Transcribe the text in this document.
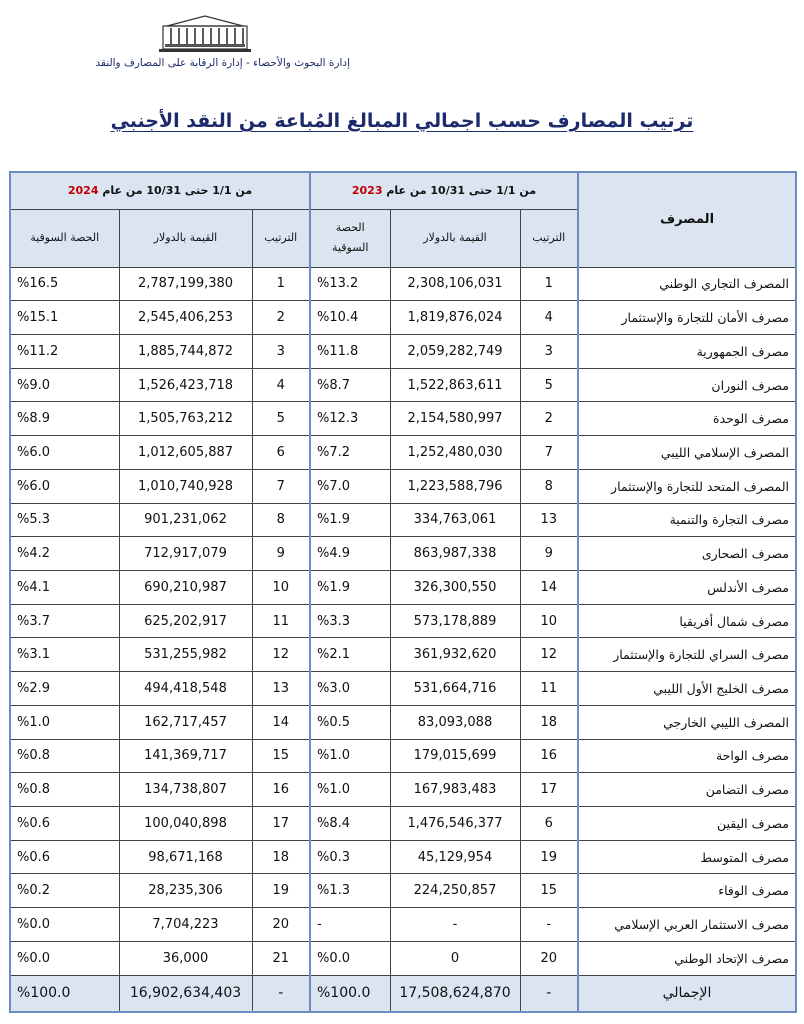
إدارة البحوث والأحصاء - إدارة الرقابة على المصارف والنقد
ترتيب المصارف حسب اجمالي المبالغ المُباعة من النقد الأجنبي
المصرف	من 1/1 حتى 10/31 من عام 2023			من 1/1 حتى 10/31 من عام 2024		
	الترتيب	القيمة بالدولار	الحصة السوقية	الترتيب	القيمة بالدولار	الحصة السوقية
المصرف التجاري الوطني	1	2,308,106,031	%13.2	1	2,787,199,380	%16.5
مصرف الأمان للتجارة والإستثمار	4	1,819,876,024	%10.4	2	2,545,406,253	%15.1
مصرف الجمهورية	3	2,059,282,749	%11.8	3	1,885,744,872	%11.2
مصرف النوران	5	1,522,863,611	%8.7	4	1,526,423,718	%9.0
مصرف الوحدة	2	2,154,580,997	%12.3	5	1,505,763,212	%8.9
المصرف الإسلامي الليبي	7	1,252,480,030	%7.2	6	1,012,605,887	%6.0
المصرف المتحد للتجارة والإستثمار	8	1,223,588,796	%7.0	7	1,010,740,928	%6.0
مصرف التجارة والتنمية	13	334,763,061	%1.9	8	901,231,062	%5.3
مصرف الصحارى	9	863,987,338	%4.9	9	712,917,079	%4.2
مصرف الأندلس	14	326,300,550	%1.9	10	690,210,987	%4.1
مصرف شمال أفريقيا	10	573,178,889	%3.3	11	625,202,917	%3.7
مصرف السراي للتجارة والإستثمار	12	361,932,620	%2.1	12	531,255,982	%3.1
مصرف الخليج الأول الليبي	11	531,664,716	%3.0	13	494,418,548	%2.9
المصرف الليبي الخارجي	18	83,093,088	%0.5	14	162,717,457	%1.0
مصرف الواحة	16	179,015,699	%1.0	15	141,369,717	%0.8
مصرف التضامن	17	167,983,483	%1.0	16	134,738,807	%0.8
مصرف اليقين	6	1,476,546,377	%8.4	17	100,040,898	%0.6
مصرف المتوسط	19	45,129,954	%0.3	18	98,671,168	%0.6
مصرف الوفاء	15	224,250,857	%1.3	19	28,235,306	%0.2
مصرف الاستثمار العربي الإسلامي	-	-	-	20	7,704,223	%0.0
مصرف الإتحاد الوطني	20	0	%0.0	21	36,000	%0.0
الإجمالي	-	17,508,624,870	%100.0	-	16,902,634,403	%100.0
